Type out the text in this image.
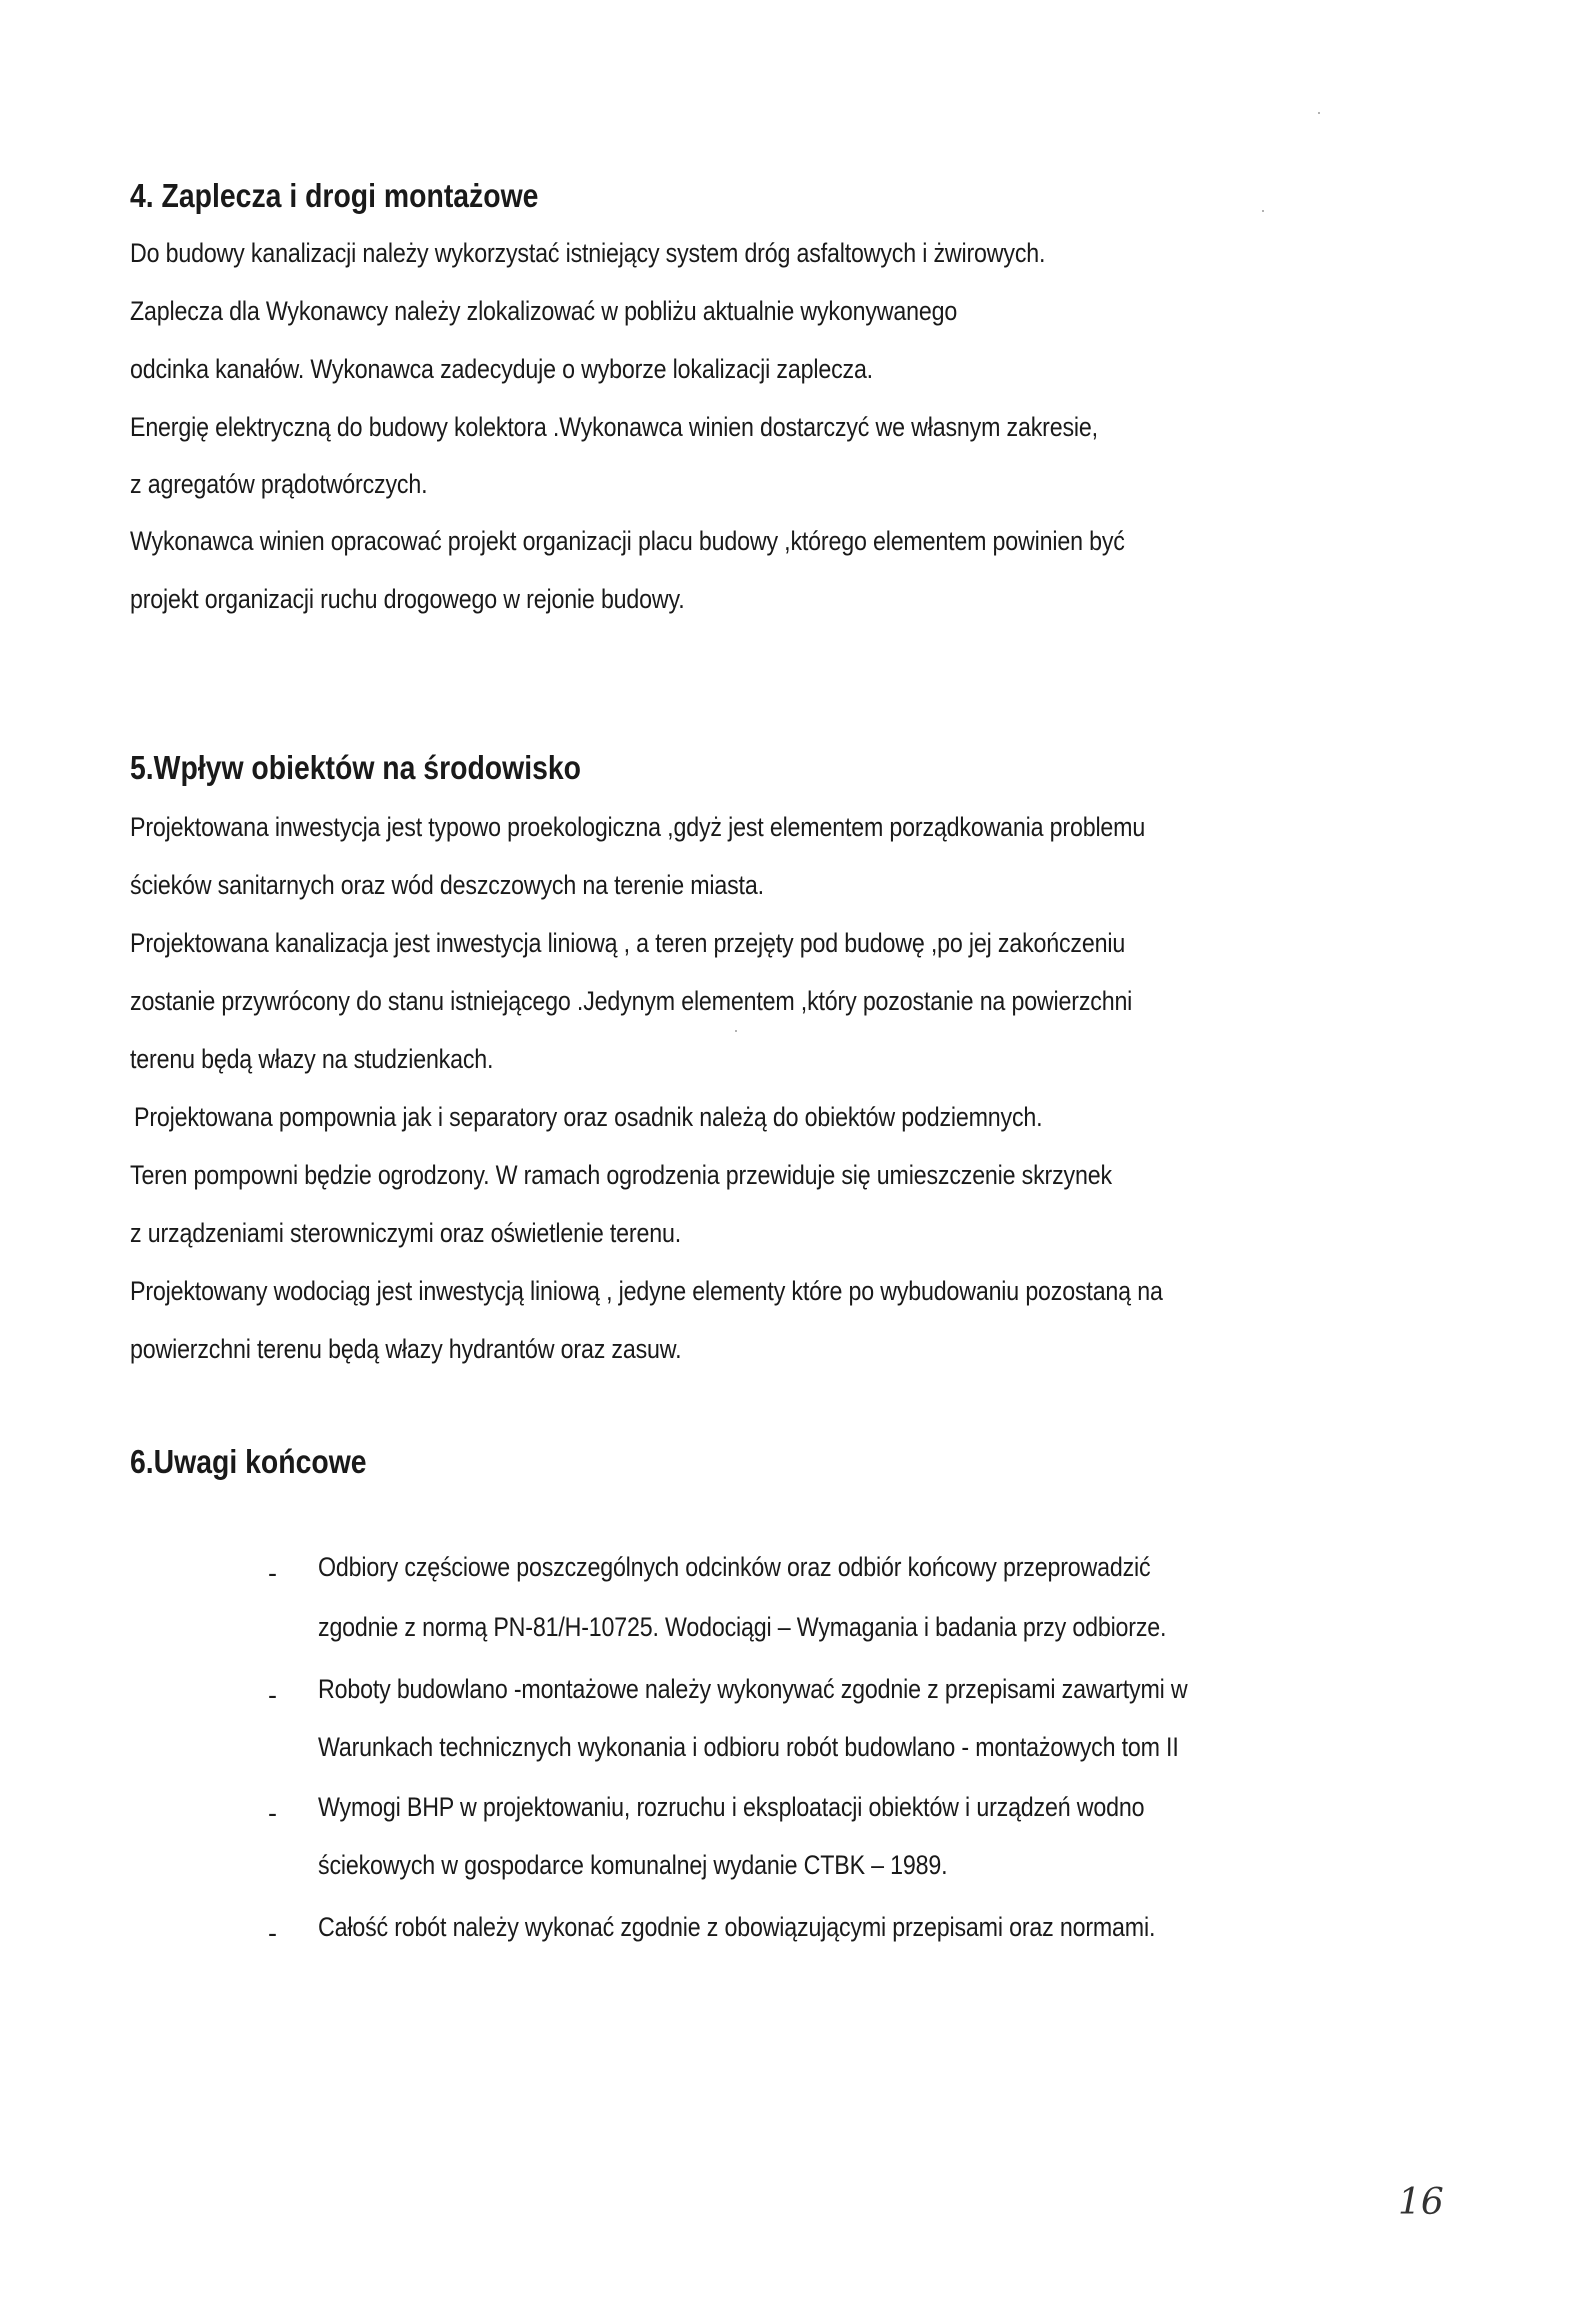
4. Zaplecza i drogi montażowe
Do budowy kanalizacji należy wykorzystać istniejący system dróg asfaltowych i żwirowych.
Zaplecza dla Wykonawcy należy zlokalizować w pobliżu aktualnie wykonywanego
odcinka kanałów. Wykonawca zadecyduje o wyborze lokalizacji zaplecza.
Energię elektryczną do budowy kolektora .Wykonawca winien dostarczyć we własnym zakresie,
z agregatów prądotwórczych.
Wykonawca winien opracować projekt organizacji placu budowy ,którego elementem powinien być
projekt organizacji ruchu drogowego w rejonie budowy.
5.Wpływ obiektów na środowisko
Projektowana inwestycja jest typowo proekologiczna ,gdyż jest elementem porządkowania problemu
ścieków sanitarnych oraz wód deszczowych na terenie miasta.
Projektowana kanalizacja jest inwestycja liniową , a teren przejęty pod budowę ,po jej zakończeniu
zostanie przywrócony do stanu istniejącego .Jedynym elementem ,który pozostanie na powierzchni
terenu będą włazy na studzienkach.
Projektowana pompownia jak i separatory oraz osadnik należą do obiektów podziemnych.
Teren pompowni będzie ogrodzony. W ramach ogrodzenia przewiduje się umieszczenie skrzynek
z urządzeniami sterowniczymi oraz oświetlenie terenu.
Projektowany wodociąg jest inwestycją liniową , jedyne elementy które po wybudowaniu pozostaną na
powierzchni terenu będą włazy hydrantów oraz zasuw.
6.Uwagi końcowe
- Odbiory częściowe poszczególnych odcinków oraz odbiór końcowy przeprowadzić
zgodnie z normą PN-81/H-10725. Wodociągi – Wymagania i badania przy odbiorze.
- Roboty budowlano -montażowe należy wykonywać zgodnie z przepisami zawartymi w
Warunkach technicznych wykonania i odbioru robót budowlano - montażowych tom II
- Wymogi BHP w projektowaniu, rozruchu i eksploatacji obiektów i urządzeń wodno
ściekowych w gospodarce komunalnej wydanie CTBK – 1989.
- Całość robót należy wykonać zgodnie z obowiązującymi przepisami oraz normami.
16
